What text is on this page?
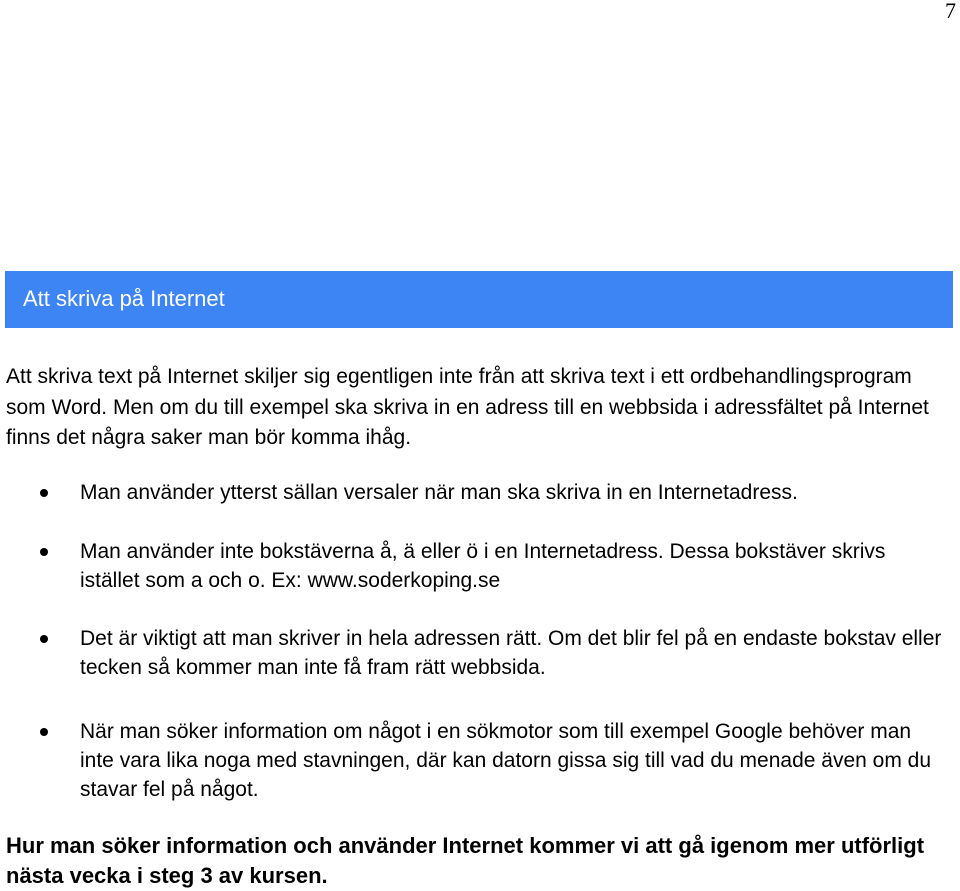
7
Att skriva på Internet

Att skriva text på Internet skiljer sig egentligen inte från att skriva text i ett ordbehandlingsprogram som Word. Men om du till exempel ska skriva in en adress till en webbsida i adressfältet på Internet finns det några saker man bör komma ihåg.

Man använder ytterst sällan versaler när man ska skriva in en Internetadress.
Man använder inte bokstäverna å, ä eller ö i en Internetadress. Dessa bokstäver skrivs istället som a och o. Ex: www.soderkoping.se
Det är viktigt att man skriver in hela adressen rätt. Om det blir fel på en endaste bokstav eller tecken så kommer man inte få fram rätt webbsida.
När man söker information om något i en sökmotor som till exempel Google behöver man inte vara lika noga med stavningen, där kan datorn gissa sig till vad du menade även om du stavar fel på något.

Hur man söker information och använder Internet kommer vi att gå igenom mer utförligt nästa vecka i steg 3 av kursen.
